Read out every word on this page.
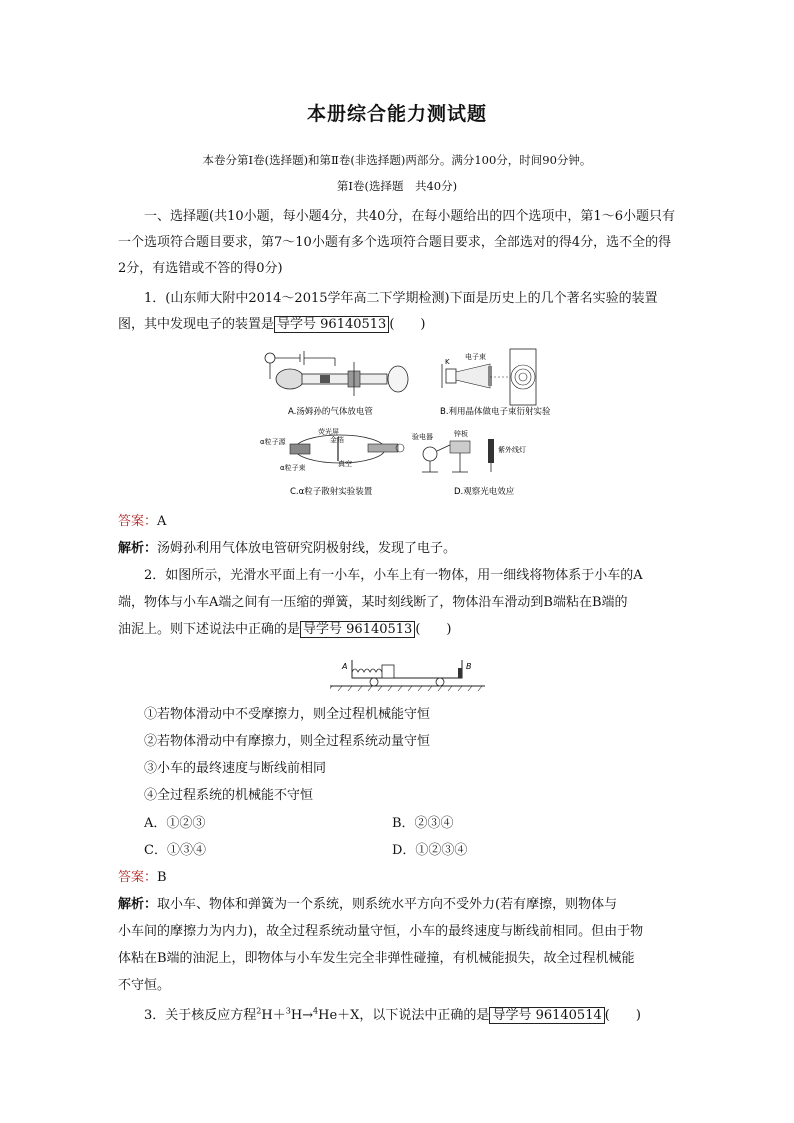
本册综合能力测试题
本卷分第Ⅰ卷(选择题)和第Ⅱ卷(非选择题)两部分。满分100分，时间90分钟。
第Ⅰ卷(选择题　共40分)
一、选择题(共10小题，每小题4分，共40分，在每小题给出的四个选项中，第1～6小题只有一个选项符合题目要求，第7～10小题有多个选项符合题目要求，全部选对的得4分，选不全的得2分，有选错或不答的得0分)
1．(山东师大附中2014～2015学年高二下学期检测)下面是历史上的几个著名实验的装置图，其中发现电子的装置是 导学号 96140513 (　　)
A.汤姆孙的气体放电管
电子束
K
B.利用晶体做电子束衍射实验
荧光屏
金箔
α粒子源
α粒子束	真空
C.α粒子散射实验装置
验电器	锌板
紫外线灯
D.观察光电效应
答案：A
解析：汤姆孙利用气体放电管研究阴极射线，发现了电子。
2．如图所示，光滑水平面上有一小车，小车上有一物体，用一细线将物体系于小车的A
端，物体与小车A端之间有一压缩的弹簧，某时刻线断了，物体沿车滑动到B端粘在B端的
油泥上。则下述说法中正确的是 导学号 96140513 (　　)
A	B
①若物体滑动中不受摩擦力，则全过程机械能守恒
②若物体滑动中有摩擦力，则全过程系统动量守恒
③小车的最终速度与断线前相同
④全过程系统的机械能不守恒
A．①②③	B．②③④
C．①③④	D．①②③④
答案：B
解析：取小车、物体和弹簧为一个系统，则系统水平方向不受外力(若有摩擦，则物体与
小车间的摩擦力为内力)，故全过程系统动量守恒，小车的最终速度与断线前相同。但由于物
体粘在B端的油泥上，即物体与小车发生完全非弹性碰撞，有机械能损失，故全过程机械能
不守恒。
3．关于核反应方程$^2$H＋$^3$H→$^4$He＋X，以下说法中正确的是 导学号 96140514 (　　)
